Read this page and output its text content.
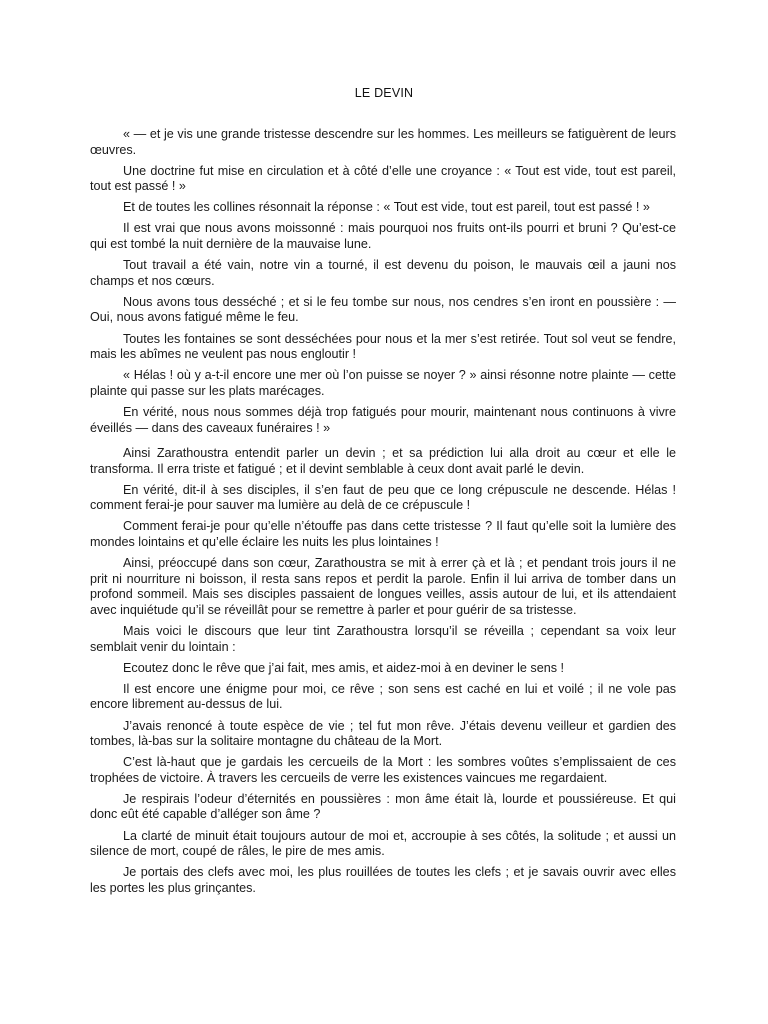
LE DEVIN

« — et je vis une grande tristesse descendre sur les hommes. Les meilleurs se fatiguèrent de leurs œuvres.

Une doctrine fut mise en circulation et à côté d’elle une croyance : « Tout est vide, tout est pareil, tout est passé ! »

Et de toutes les collines résonnait la réponse : « Tout est vide, tout est pareil, tout est passé ! »

Il est vrai que nous avons moissonné : mais pourquoi nos fruits ont-ils pourri et bruni ? Qu’est-ce qui est tombé la nuit dernière de la mauvaise lune.

Tout travail a été vain, notre vin a tourné, il est devenu du poison, le mauvais œil a jauni nos champs et nos cœurs.

Nous avons tous desséché ; et si le feu tombe sur nous, nos cendres s’en iront en poussière : — Oui, nous avons fatigué même le feu.

Toutes les fontaines se sont desséchées pour nous et la mer s’est retirée. Tout sol veut se fendre, mais les abîmes ne veulent pas nous engloutir !

« Hélas ! où y a-t-il encore une mer où l’on puisse se noyer ? » ainsi résonne notre plainte — cette plainte qui passe sur les plats marécages.

En vérité, nous nous sommes déjà trop fatigués pour mourir, maintenant nous continuons à vivre éveillés — dans des caveaux funéraires ! »

Ainsi Zarathoustra entendit parler un devin ; et sa prédiction lui alla droit au cœur et elle le transforma. Il erra triste et fatigué ; et il devint semblable à ceux dont avait parlé le devin.

En vérité, dit-il à ses disciples, il s’en faut de peu que ce long crépuscule ne descende. Hélas ! comment ferai-je pour sauver ma lumière au delà de ce crépuscule !

Comment ferai-je pour qu’elle n’étouffe pas dans cette tristesse ? Il faut qu’elle soit la lumière des mondes lointains et qu’elle éclaire les nuits les plus lointaines !

Ainsi, préoccupé dans son cœur, Zarathoustra se mit à errer çà et là ; et pendant trois jours il ne prit ni nourriture ni boisson, il resta sans repos et perdit la parole. Enfin il lui arriva de tomber dans un profond sommeil. Mais ses disciples passaient de longues veilles, assis autour de lui, et ils attendaient avec inquiétude qu’il se réveillât pour se remettre à parler et pour guérir de sa tristesse.

Mais voici le discours que leur tint Zarathoustra lorsqu’il se réveilla ; cependant sa voix leur semblait venir du lointain :

Ecoutez donc le rêve que j’ai fait, mes amis, et aidez-moi à en deviner le sens !

Il est encore une énigme pour moi, ce rêve ; son sens est caché en lui et voilé ; il ne vole pas encore librement au-dessus de lui.

J’avais renoncé à toute espèce de vie ; tel fut mon rêve. J’étais devenu veilleur et gardien des tombes, là-bas sur la solitaire montagne du château de la Mort.

C’est là-haut que je gardais les cercueils de la Mort : les sombres voûtes s’emplissaient de ces trophées de victoire. À travers les cercueils de verre les existences vaincues me regardaient.

Je respirais l’odeur d’éternités en poussières : mon âme était là, lourde et poussiéreuse. Et qui donc eût été capable d’alléger son âme ?

La clarté de minuit était toujours autour de moi et, accroupie à ses côtés, la solitude ; et aussi un silence de mort, coupé de râles, le pire de mes amis.

Je portais des clefs avec moi, les plus rouillées de toutes les clefs ; et je savais ouvrir avec elles les portes les plus grinçantes.
